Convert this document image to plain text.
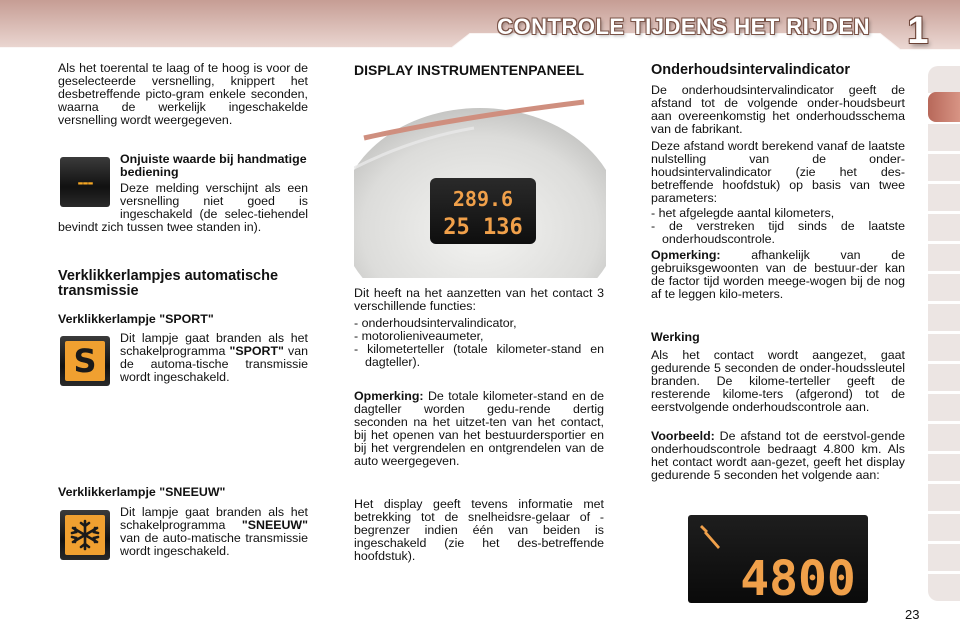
CONTROLE TIJDENS HET RIJDEN 1

Als het toerental te laag of te hoog is voor de geselecteerde versnelling, knippert het desbetreffende picto-gram enkele seconden, waarna de werkelijk ingeschakelde versnelling wordt weergegeven.

---

Onjuiste waarde bij handmatige bediening

Deze melding verschijnt als een versnelling niet goed is ingeschakeld (de selec-tiehendel bevindt zich tussen twee standen in).

Verklikkerlampjes automatische transmissie

Verklikkerlampje "SPORT"

S
Dit lampje gaat branden als het schakelprogramma "SPORT" van de automa-tische transmissie wordt ingeschakeld.

Verklikkerlampje "SNEEUW"

Dit lampje gaat branden als het schakelprogramma "SNEEUW" van de auto-matische transmissie wordt ingeschakeld.

DISPLAY INSTRUMENTENPANEEL

289.6
25 136

Dit heeft na het aanzetten van het contact 3 verschillende functies:

- onderhoudsintervalindicator,
- motorolieniveaumeter,
- kilometerteller (totale kilometer-stand en dagteller).
Opmerking: De totale kilometer-stand en de dagteller worden gedu-rende dertig seconden na het uitzet-ten van het contact, bij het openen van het bestuurdersportier en bij het vergrendelen en ontgrendelen van de auto weergegeven.

Het display geeft tevens informatie met betrekking tot de snelheidsre-gelaar of -begrenzer indien één van beiden is ingeschakeld (zie het des-betreffende hoofdstuk).

Onderhoudsintervalindicator

De onderhoudsintervalindicator geeft de afstand tot de volgende onder-houdsbeurt aan overeenkomstig het onderhoudsschema van de fabrikant.

Deze afstand wordt berekend vanaf de laatste nulstelling van de onder-houdsintervalindicator (zie het des-betreffende hoofdstuk) op basis van twee parameters:

- het afgelegde aantal kilometers,
- de verstreken tijd sinds de laatste onderhoudscontrole.
Opmerking: afhankelijk van de gebruiksgewoonten van de bestuur-der kan de factor tijd worden meege-wogen bij de nog af te leggen kilo-meters.

Werking

Als het contact wordt aangezet, gaat gedurende 5 seconden de onder-houdssleutel branden. De kilome-terteller geeft de resterende kilome-ters (afgerond) tot de eerstvolgende onderhoudscontrole aan.

Voorbeeld: De afstand tot de eerstvol-gende onderhoudscontrole bedraagt 4.800 km. Als het contact wordt aan-gezet, geeft het display gedurende 5 seconden het volgende aan:
4800
23
